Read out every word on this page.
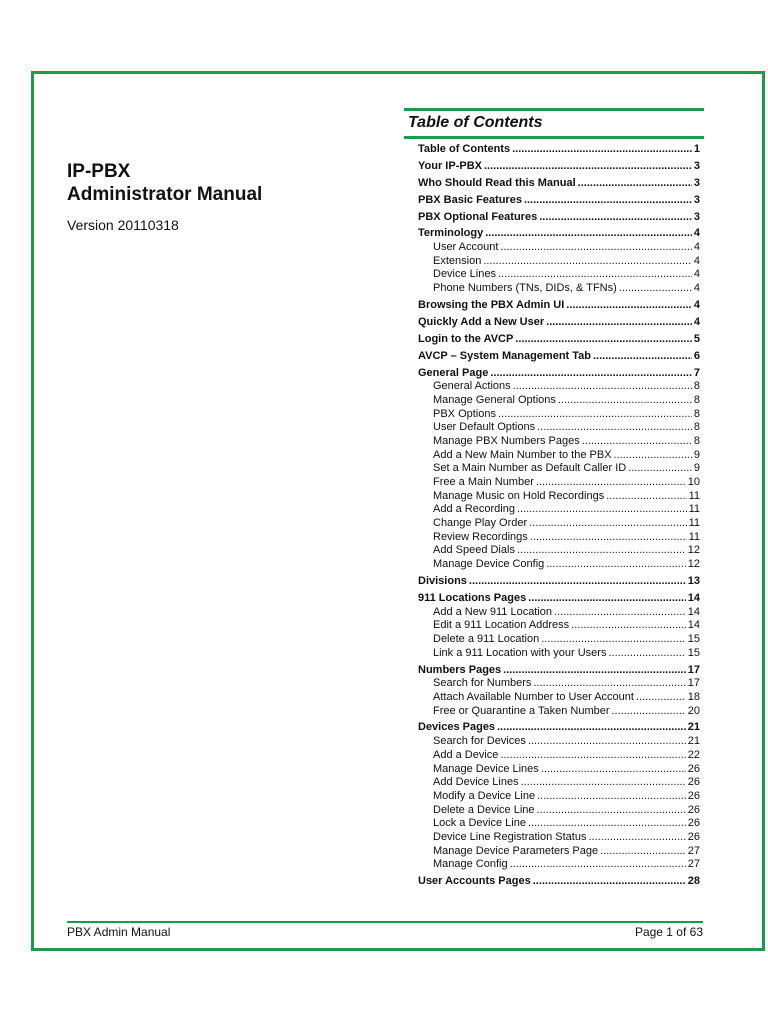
IP-PBX
Administrator Manual
Version 20110318
Table of Contents
Table of Contents .....	1
Your IP-PBX .....	3
Who Should Read this Manual .....	3
PBX Basic Features .....	3
PBX Optional Features .....	3
Terminology .....	4
User Account .....	4
Extension .....	4
Device Lines .....	4
Phone Numbers (TNs, DIDs, & TFNs) .....	4
Browsing the PBX Admin UI .....	4
Quickly Add a New User .....	4
Login to the AVCP .....	5
AVCP – System Management Tab .....	6
General Page .....	7
General Actions .....	8
Manage General Options .....	8
PBX Options .....	8
User Default Options .....	8
Manage PBX Numbers Pages .....	8
Add a New Main Number to the PBX .....	9
Set a Main Number as Default Caller ID .....	9
Free a Main Number .....	10
Manage Music on Hold Recordings .....	11
Add a Recording .....	11
Change Play Order .....	11
Review Recordings .....	11
Add Speed Dials .....	12
Manage Device Config .....	12
Divisions .....	13
911 Locations Pages .....	14
Add a New 911 Location .....	14
Edit a 911 Location Address .....	14
Delete a 911 Location .....	15
Link a 911 Location with your Users .....	15
Numbers Pages .....	17
Search for Numbers .....	17
Attach Available Number to User Account .....	18
Free or Quarantine a Taken Number .....	20
Devices Pages .....	21
Search for Devices .....	21
Add a Device .....	22
Manage Device Lines .....	26
Add Device Lines .....	26
Modify a Device Line .....	26
Delete a Device Line .....	26
Lock a Device Line .....	26
Device Line Registration Status .....	26
Manage Device Parameters Page .....	27
Manage Config .....	27
User Accounts Pages .....	28
PBX Admin Manual	Page 1 of 63
